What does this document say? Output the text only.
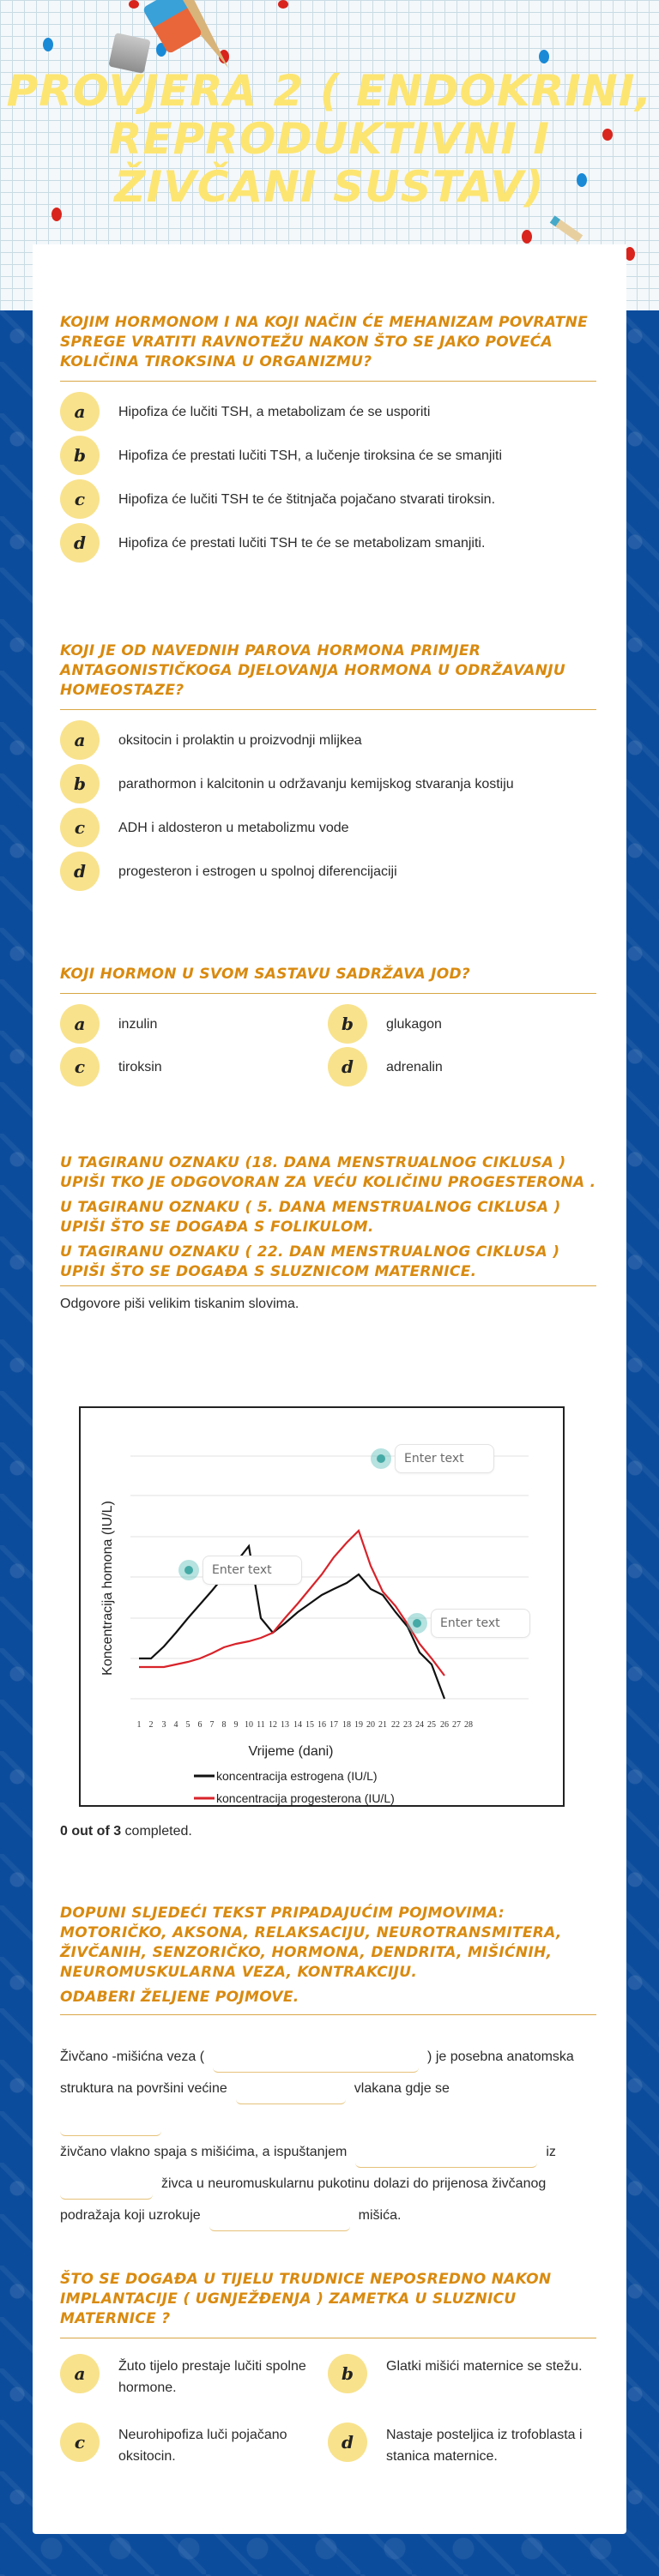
PROVJERA 2 ( ENDOKRINI, REPRODUKTIVNI I ŽIVČANI SUSTAV)
KOJIM HORMONOM I NA KOJI NAČIN ĆE MEHANIZAM POVRATNE SPREGE VRATITI RAVNOTEŽU NAKON ŠTO SE JAKO POVEĆA KOLIČINA TIROKSINA U ORGANIZMU?
a	Hipofiza će lučiti TSH, a metabolizam će se usporiti
b	Hipofiza će prestati lučiti TSH, a lučenje tiroksina će se smanjiti
c	Hipofiza će lučiti TSH te će štitnjača pojačano stvarati tiroksin.
d	Hipofiza će prestati lučiti TSH te će se metabolizam smanjiti.
KOJI JE OD NAVEDNIH PAROVA HORMONA PRIMJER ANTAGONISTIČKOGA DJELOVANJA HORMONA U ODRŽAVANJU HOMEOSTAZE?
a	oksitocin i prolaktin u proizvodnji mlijkea
b	parathormon i kalcitonin u održavanju kemijskog stvaranja kostiju
c	ADH i aldosteron u metabolizmu vode
d	progesteron i estrogen u spolnoj diferencijaciji
KOJI HORMON U SVOM SASTAVU SADRŽAVA JOD?
a	inzulin	b	glukagon
c	tiroksin	d	adrenalin
U TAGIRANU OZNAKU (18. DANA MENSTRUALNOG CIKLUSA ) UPIŠI TKO JE ODGOVORAN ZA VEĆU KOLIČINU PROGESTERONA .
U TAGIRANU OZNAKU ( 5. DANA MENSTRUALNOG CIKLUSA ) UPIŠI ŠTO SE DOGAĐA S FOLIKULOM.
U TAGIRANU OZNAKU ( 22. DAN MENSTRUALNOG CIKLUSA ) UPIŠI ŠTO SE DOGAĐA S SLUZNICOM MATERNICE.
Odgovore piši velikim tiskanim slovima.
1 2 3 4 5 6 7 8 9 10 11 12 13 14 15 16 17 18 19 20 21 22 23 24 25 26 27 28
Vrijeme (dani)
Koncentracija homona (IU/L)
koncentracija estrogena (IU/L)
koncentracija progesterona (IU/L)
Enter text
Enter text
Enter text
0 out of 3 completed.
DOPUNI SLJEDEĆI TEKST PRIPADAJUĆIM POJMOVIMA: MOTORIČKO, AKSONA, RELAKSACIJU, NEUROTRANSMITERA, ŽIVČANIH, SENZORIČKO, HORMONA, DENDRITA, MIŠIĆNIH, NEUROMUSKULARNA VEZA, KONTRAKCIJU.
ODABERI ŽELJENE POJMOVE.
Živčano -mišićna veza (	) je posebna anatomska struktura na površini većine	vlakana gdje se

živčano vlakno spaja s mišićima, a ispuštanjem	iz
živca u neuromuskularnu pukotinu dolazi do prijenosa živčanog podražaja koji uzrokuje	mišića.
ŠTO SE DOGAĐA U TIJELU TRUDNICE NEPOSREDNO NAKON IMPLANTACIJE ( UGNJEŽĐENJA ) ZAMETKA U SLUZNICU MATERNICE ?
a	Žuto tijelo prestaje lučiti spolne hormone.
b	Glatki mišići maternice se stežu.
c	Neurohipofiza luči pojačano oksitocin.
d	Nastaje posteljica iz trofoblasta i stanica maternice.
